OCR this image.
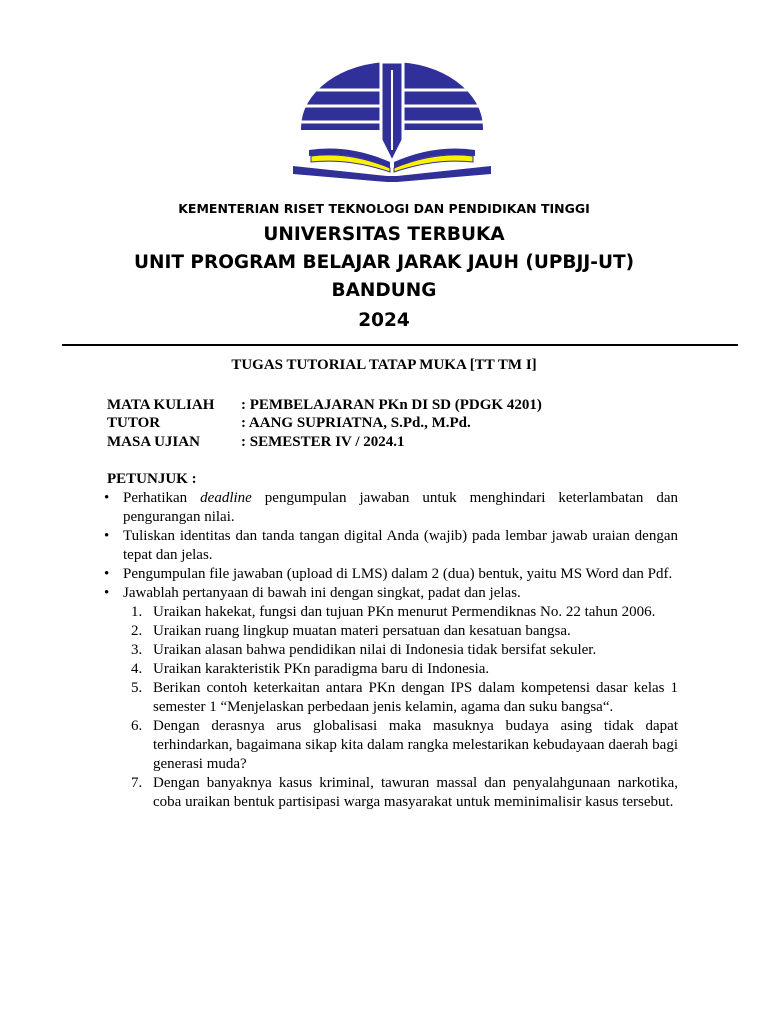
KEMENTERIAN RISET TEKNOLOGI DAN PENDIDIKAN TINGGI
UNIVERSITAS TERBUKA
UNIT PROGRAM BELAJAR JARAK JAUH (UPBJJ-UT)
BANDUNG
2024
TUGAS TUTORIAL TATAP MUKA [TT TM I]
MATA KULIAH : PEMBELAJARAN PKn DI SD (PDGK 4201)
TUTOR	: AANG SUPRIATNA, S.Pd., M.Pd.
MASA UJIAN	: SEMESTER IV / 2024.1
PETUNJUK :
• Perhatikan deadline pengumpulan jawaban untuk menghindari keterlambatan dan pengurangan nilai.
• Tuliskan identitas dan tanda tangan digital Anda (wajib) pada lembar jawab uraian dengan tepat dan jelas.
• Pengumpulan file jawaban (upload di LMS) dalam 2 (dua) bentuk, yaitu MS Word dan Pdf.
• Jawablah pertanyaan di bawah ini dengan singkat, padat dan jelas.
1. Uraikan hakekat, fungsi dan tujuan PKn menurut Permendiknas No. 22 tahun 2006.
2. Uraikan ruang lingkup muatan materi persatuan dan kesatuan bangsa.
3. Uraikan alasan bahwa pendidikan nilai di Indonesia tidak bersifat sekuler.
4. Uraikan karakteristik PKn paradigma baru di Indonesia.
5. Berikan contoh keterkaitan antara PKn dengan IPS dalam kompetensi dasar kelas 1 semester 1 “Menjelaskan perbedaan jenis kelamin, agama dan suku bangsa“.
6. Dengan derasnya arus globalisasi maka masuknya budaya asing tidak dapat terhindarkan, bagaimana sikap kita dalam rangka melestarikan kebudayaan daerah bagi generasi muda?
7. Dengan banyaknya kasus kriminal, tawuran massal dan penyalahgunaan narkotika, coba uraikan bentuk partisipasi warga masyarakat untuk meminimalisir kasus tersebut.
